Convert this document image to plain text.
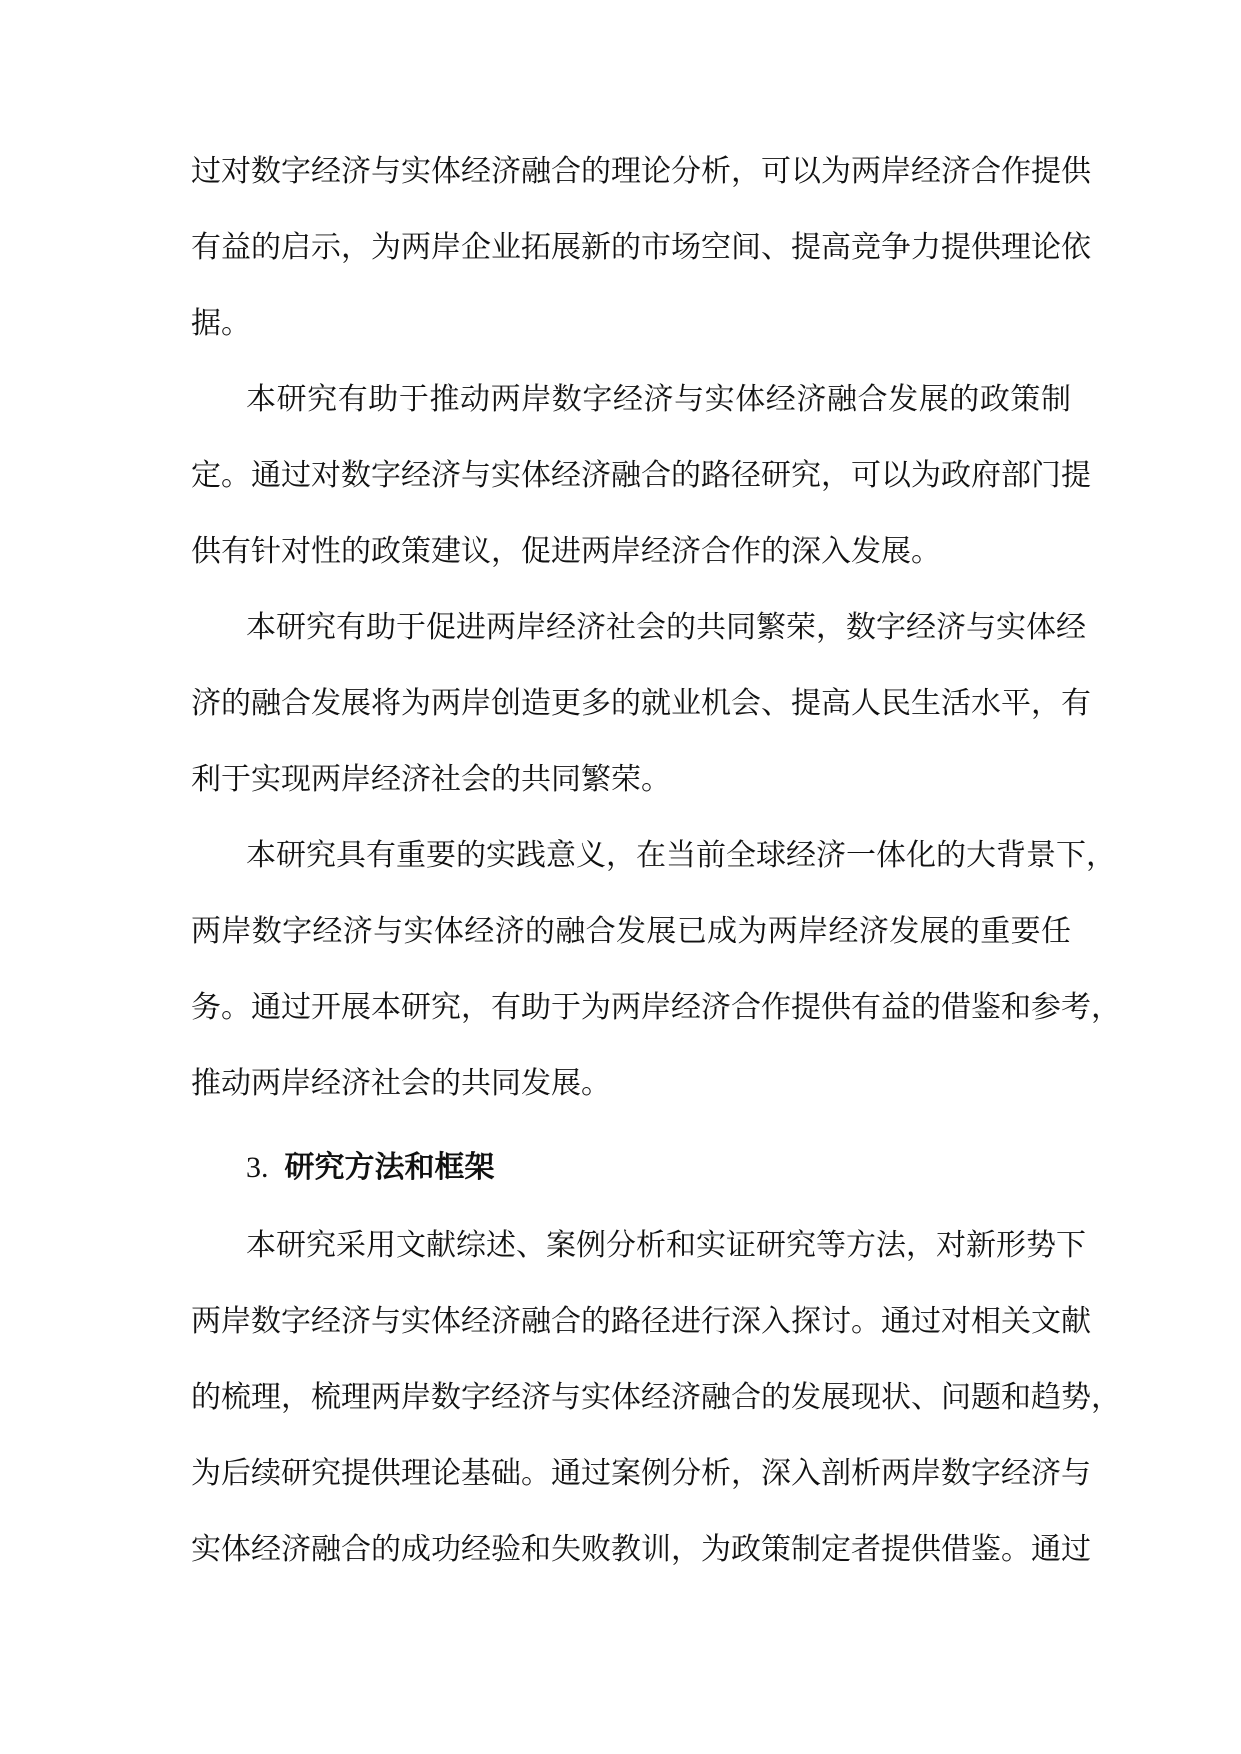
过对数字经济与实体经济融合的理论分析，可以为两岸经济合作提供
有益的启示，为两岸企业拓展新的市场空间、提高竞争力提供理论依
据。
本研究有助于推动两岸数字经济与实体经济融合发展的政策制
定。通过对数字经济与实体经济融合的路径研究，可以为政府部门提
供有针对性的政策建议，促进两岸经济合作的深入发展。
本研究有助于促进两岸经济社会的共同繁荣，数字经济与实体经
济的融合发展将为两岸创造更多的就业机会、提高人民生活水平，有
利于实现两岸经济社会的共同繁荣。
本研究具有重要的实践意义，在当前全球经济一体化的大背景下，
两岸数字经济与实体经济的融合发展已成为两岸经济发展的重要任
务。通过开展本研究，有助于为两岸经济合作提供有益的借鉴和参考，
推动两岸经济社会的共同发展。
3. 研究方法和框架
本研究采用文献综述、案例分析和实证研究等方法，对新形势下
两岸数字经济与实体经济融合的路径进行深入探讨。通过对相关文献
的梳理，梳理两岸数字经济与实体经济融合的发展现状、问题和趋势，
为后续研究提供理论基础。通过案例分析，深入剖析两岸数字经济与
实体经济融合的成功经验和失败教训，为政策制定者提供借鉴。通过
